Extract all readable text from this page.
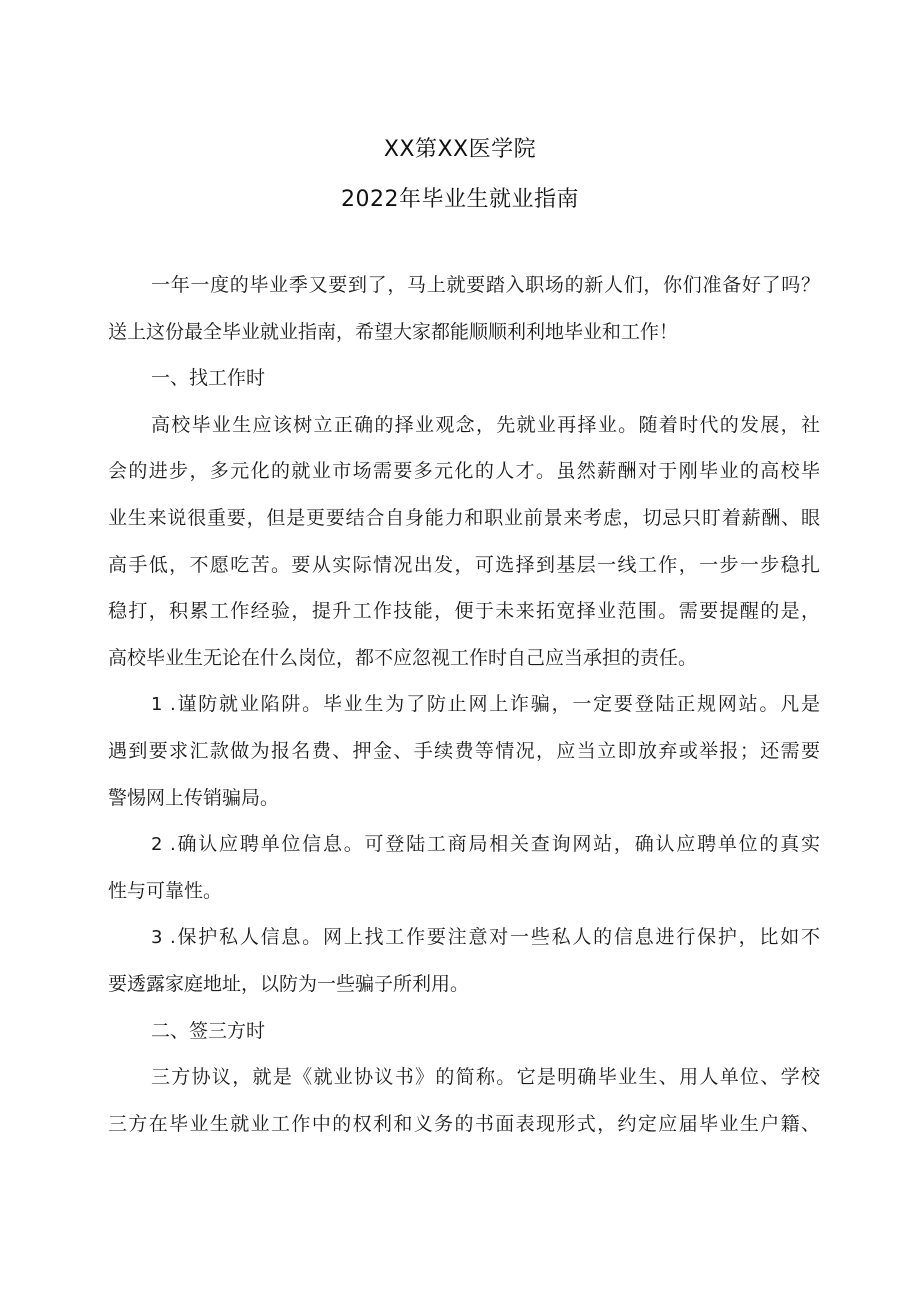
XX第XX医学院
2022年毕业生就业指南
一年一度的毕业季又要到了，马上就要踏入职场的新人们，你们准备好了吗？
送上这份最全毕业就业指南，希望大家都能顺顺利利地毕业和工作！
一、找工作时
高校毕业生应该树立正确的择业观念，先就业再择业。随着时代的发展，社
会的进步，多元化的就业市场需要多元化的人才。虽然薪酬对于刚毕业的高校毕
业生来说很重要，但是更要结合自身能力和职业前景来考虑，切忌只盯着薪酬、眼
高手低，不愿吃苦。要从实际情况出发，可选择到基层一线工作，一步一步稳扎
稳打，积累工作经验，提升工作技能，便于未来拓宽择业范围。需要提醒的是，
高校毕业生无论在什么岗位，都不应忽视工作时自己应当承担的责任。
1 .谨防就业陷阱。毕业生为了防止网上诈骗，一定要登陆正规网站。凡是
遇到要求汇款做为报名费、押金、手续费等情况，应当立即放弃或举报；还需要
警惕网上传销骗局。
2 .确认应聘单位信息。可登陆工商局相关查询网站，确认应聘单位的真实
性与可靠性。
3 .保护私人信息。网上找工作要注意对一些私人的信息进行保护，比如不
要透露家庭地址，以防为一些骗子所利用。
二、签三方时
三方协议，就是《就业协议书》的简称。它是明确毕业生、用人单位、学校
三方在毕业生就业工作中的权利和义务的书面表现形式，约定应届毕业生户籍、
